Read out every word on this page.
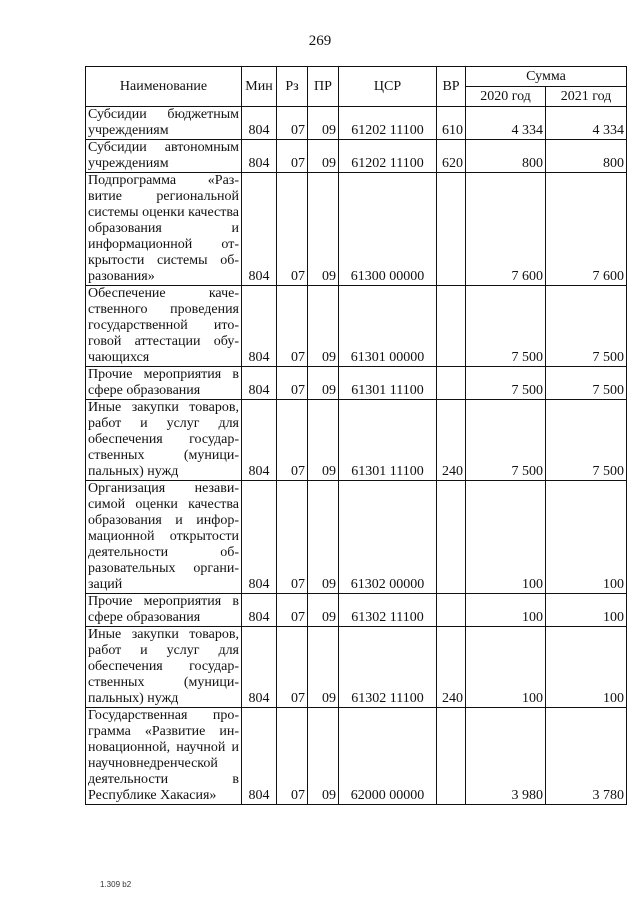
269
Наименование	Мин	Рз	ПР	ЦСР	ВР	Сумма	
						2020 год	2021 год
Субсидии бюджетным учреждениям	804	07	09	61202 11100	610	4 334	4 334
Субсидии автономным учреждениям	804	07	09	61202 11100	620	800	800
Подпрограмма «Развитие региональной системы оценки качества образования и информационной открытости системы образования»	804	07	09	61300 00000		7 600	7 600
Обеспечение качественного проведения государственной итоговой аттестации обучающихся	804	07	09	61301 00000		7 500	7 500
Прочие мероприятия в сфере образования	804	07	09	61301 11100		7 500	7 500
Иные закупки товаров, работ и услуг для обеспечения государственных (муниципальных) нужд	804	07	09	61301 11100	240	7 500	7 500
Организация независимой оценки качества образования и информационной открытости деятельности образовательных организаций	804	07	09	61302 00000		100	100
Прочие мероприятия в сфере образования	804	07	09	61302 11100		100	100
Иные закупки товаров, работ и услуг для обеспечения государственных (муниципальных) нужд	804	07	09	61302 11100	240	100	100
Государственная программа «Развитие инновационной, научной и научновнедренческой деятельности в Республике Хакасия»	804	07	09	62000 00000		3 980	3 780
1.309 b2
